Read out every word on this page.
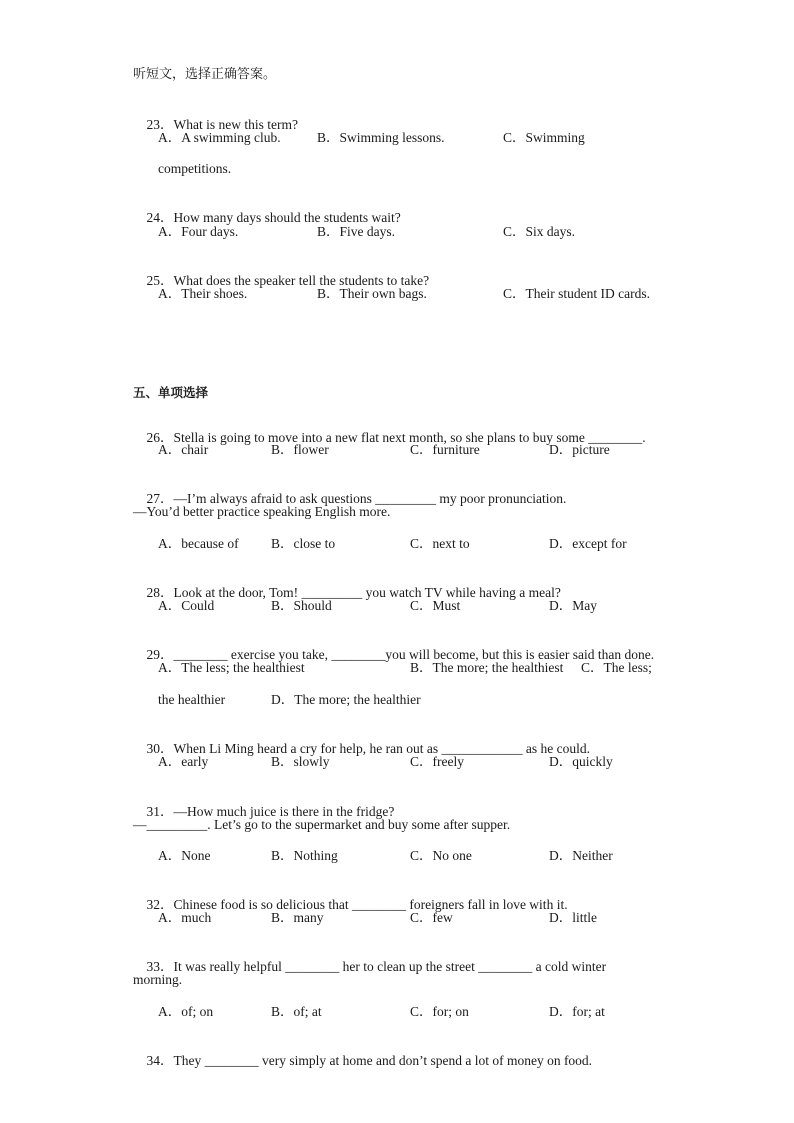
听短文，选择正确答案。

23．What is new this term?

A．A swimming club.	B．Swimming lessons.	C．Swimming
competitions.

24．How many days should the students wait?

A．Four days.	B．Five days.	C．Six days.

25．What does the speaker tell the students to take?

A．Their shoes.	B．Their own bags.	C．Their student ID cards.
五、单项选择

26．Stella is going to move into a new flat next month, so she plans to buy some ________.

A．chair	B．flower	C．furniture	D．picture

27．—I’m always afraid to ask questions _________ my poor pronunciation.

—You’d better practice speaking English more.
A．because of B．close to	C．next to	D．except for

28．Look at the door, Tom! _________ you watch TV while having a meal?

A．Could	B．Should	C．Must	D．May

29．________ exercise you take, ________you will become, but this is easier said than done.

A．The less; the healthiest	B．The more; the healthiest C．The less;
the healthier	D．The more; the healthier

30．When Li Ming heard a cry for help, he ran out as ____________ as he could.

A．early	B．slowly	C．freely	D．quickly

31．—How much juice is there in the fridge?

—_________. Let’s go to the supermarket and buy some after supper.
A．None	B．Nothing	C．No one	D．Neither

32．Chinese food is so delicious that ________ foreigners fall in love with it.

A．much	B．many	C．few	D．little

33．It was really helpful ________ her to clean up the street ________ a cold winter

morning.
A．of; on	B．of; at	C．for; on	D．for; at

34．They ________ very simply at home and don’t spend a lot of money on food.
